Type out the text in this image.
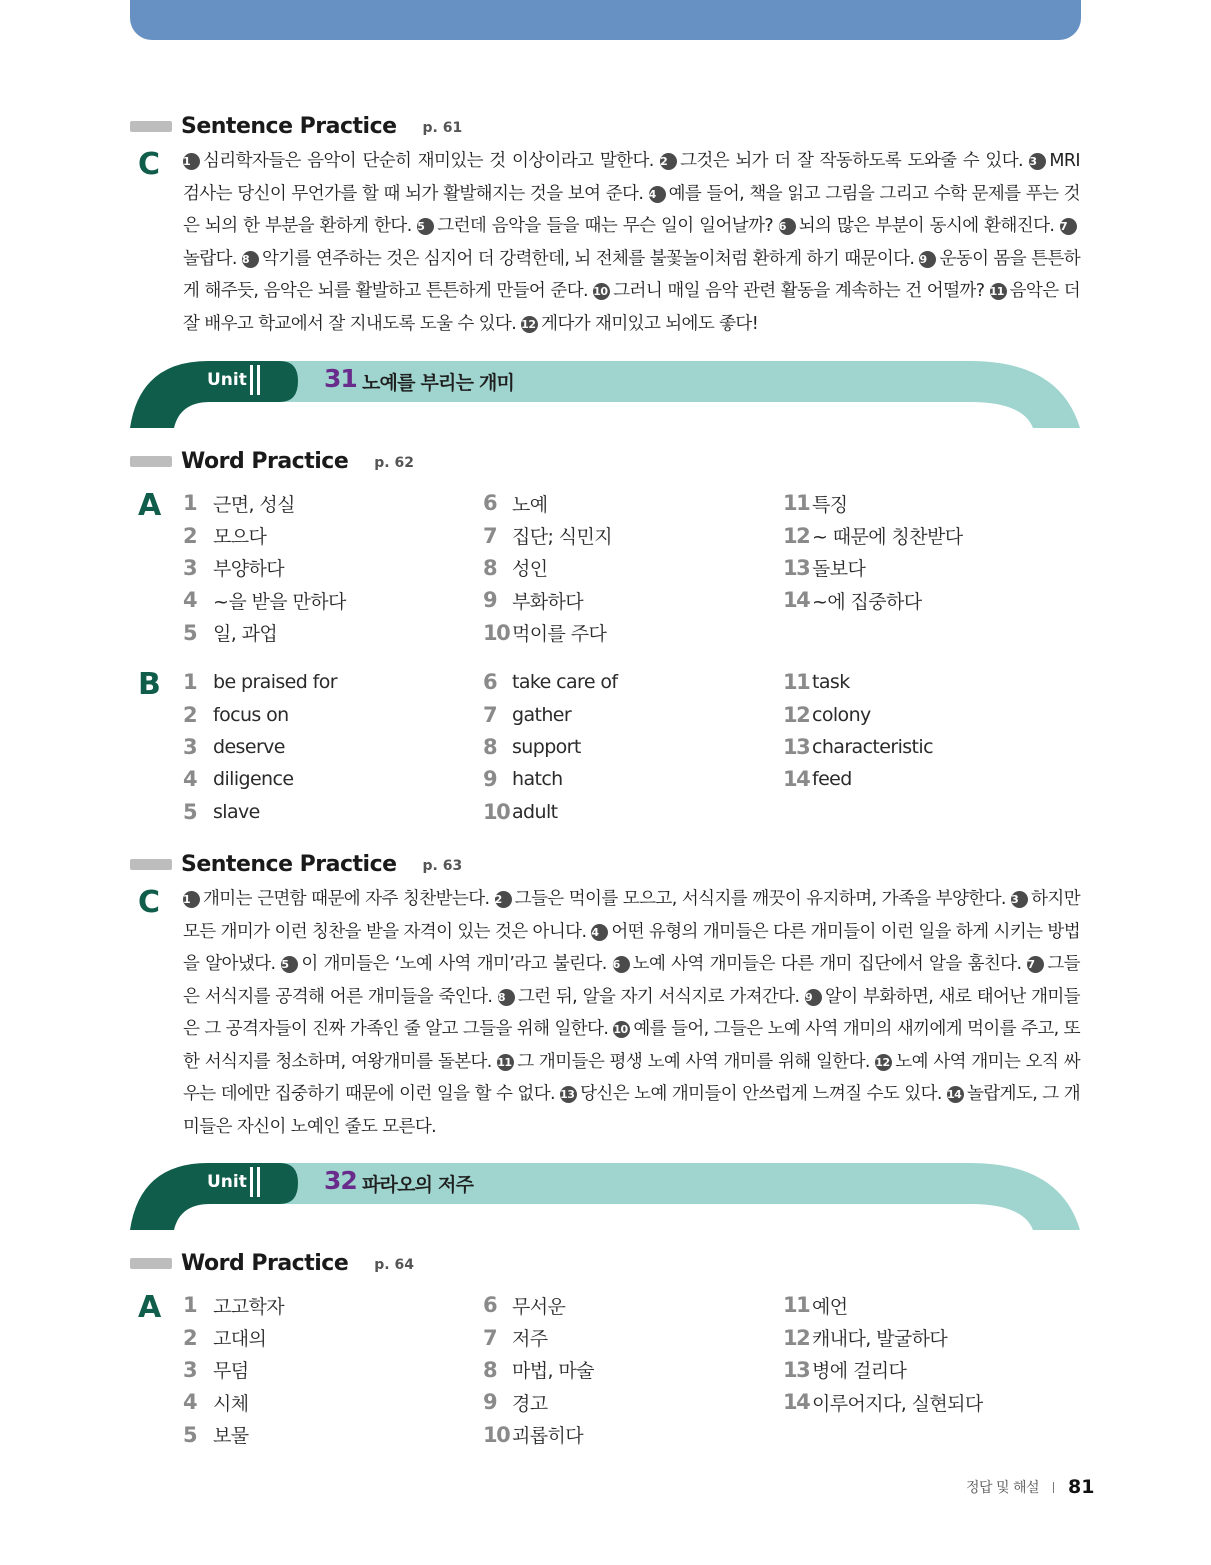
Sentence Practice p. 61
C 1 심리학자들은 음악이 단순히 재미있는 것 이상이라고 말한다. 2 그것은 뇌가 더 잘 작동하도록 도와줄 수 있다. 3 MRI 검사는 당신이 무언가를 할 때 뇌가 활발해지는 것을 보여 준다. 4 예를 들어, 책을 읽고 그림을 그리고 수학 문제를 푸는 것은 뇌의 한 부분을 환하게 한다. 5 그런데 음악을 들을 때는 무슨 일이 일어날까? 6 뇌의 많은 부분이 동시에 환해진다. 7놀랍다. 8 악기를 연주하는 것은 심지어 더 강력한데, 뇌 전체를 불꽃놀이처럼 환하게 하기 때문이다. 9 운동이 몸을 튼튼하게 해주듯, 음악은 뇌를 활발하고 튼튼하게 만들어 준다. 10 그러니 매일 음악 관련 활동을 계속하는 건 어떨까? 11 음악은 더 잘 배우고 학교에서 잘 지내도록 도울 수 있다. 12 게다가 재미있고 뇌에도 좋다!
Unit	31 노예를 부리는 개미
Word Practice p. 62
A 1 근면, 성실
2 모으다
3 부양하다
4 ~을 받을 만하다
5 일, 과업
6 노예
7 집단; 식민지
8 성인
9 부화하다
10 먹이를 주다
11 특징
12 ~ 때문에 칭찬받다
13 돌보다
14 ~에 집중하다
B 1 be praised for
2 focus on
3 deserve
4 diligence
5 slave
6 take care of
7 gather
8 support
9 hatch
10 adult
11 task
12 colony
13 characteristic
14 feed
Sentence Practice p. 63
C 1 개미는 근면함 때문에 자주 칭찬받는다. 2 그들은 먹이를 모으고, 서식지를 깨끗이 유지하며, 가족을 부양한다. 3 하지만 모든 개미가 이런 칭찬을 받을 자격이 있는 것은 아니다. 4 어떤 유형의 개미들은 다른 개미들이 이런 일을 하게 시키는 방법을 알아냈다. 5 이 개미들은 ‘노예 사역 개미’라고 불린다. 6 노예 사역 개미들은 다른 개미 집단에서 알을 훔친다. 7 그들은 서식지를 공격해 어른 개미들을 죽인다. 8 그런 뒤, 알을 자기 서식지로 가져간다. 9 알이 부화하면, 새로 태어난 개미들은 그 공격자들이 진짜 가족인 줄 알고 그들을 위해 일한다. 10 예를 들어, 그들은 노예 사역 개미의 새끼에게 먹이를 주고, 또한 서식지를 청소하며, 여왕개미를 돌본다. 11 그 개미들은 평생 노예 사역 개미를 위해 일한다. 12 노예 사역 개미는 오직 싸우는 데에만 집중하기 때문에 이런 일을 할 수 없다. 13 당신은 노예 개미들이 안쓰럽게 느껴질 수도 있다. 14 놀랍게도, 그 개미들은 자신이 노예인 줄도 모른다.
Unit	32 파라오의 저주
Word Practice p. 64
A 1 고고학자
2 고대의
3 무덤
4 시체
5 보물
6 무서운
7 저주
8 마법, 마술
9 경고
10 괴롭히다
11 예언
12 캐내다, 발굴하다
13 병에 걸리다
14 이루어지다, 실현되다
정답 및 해설 81
